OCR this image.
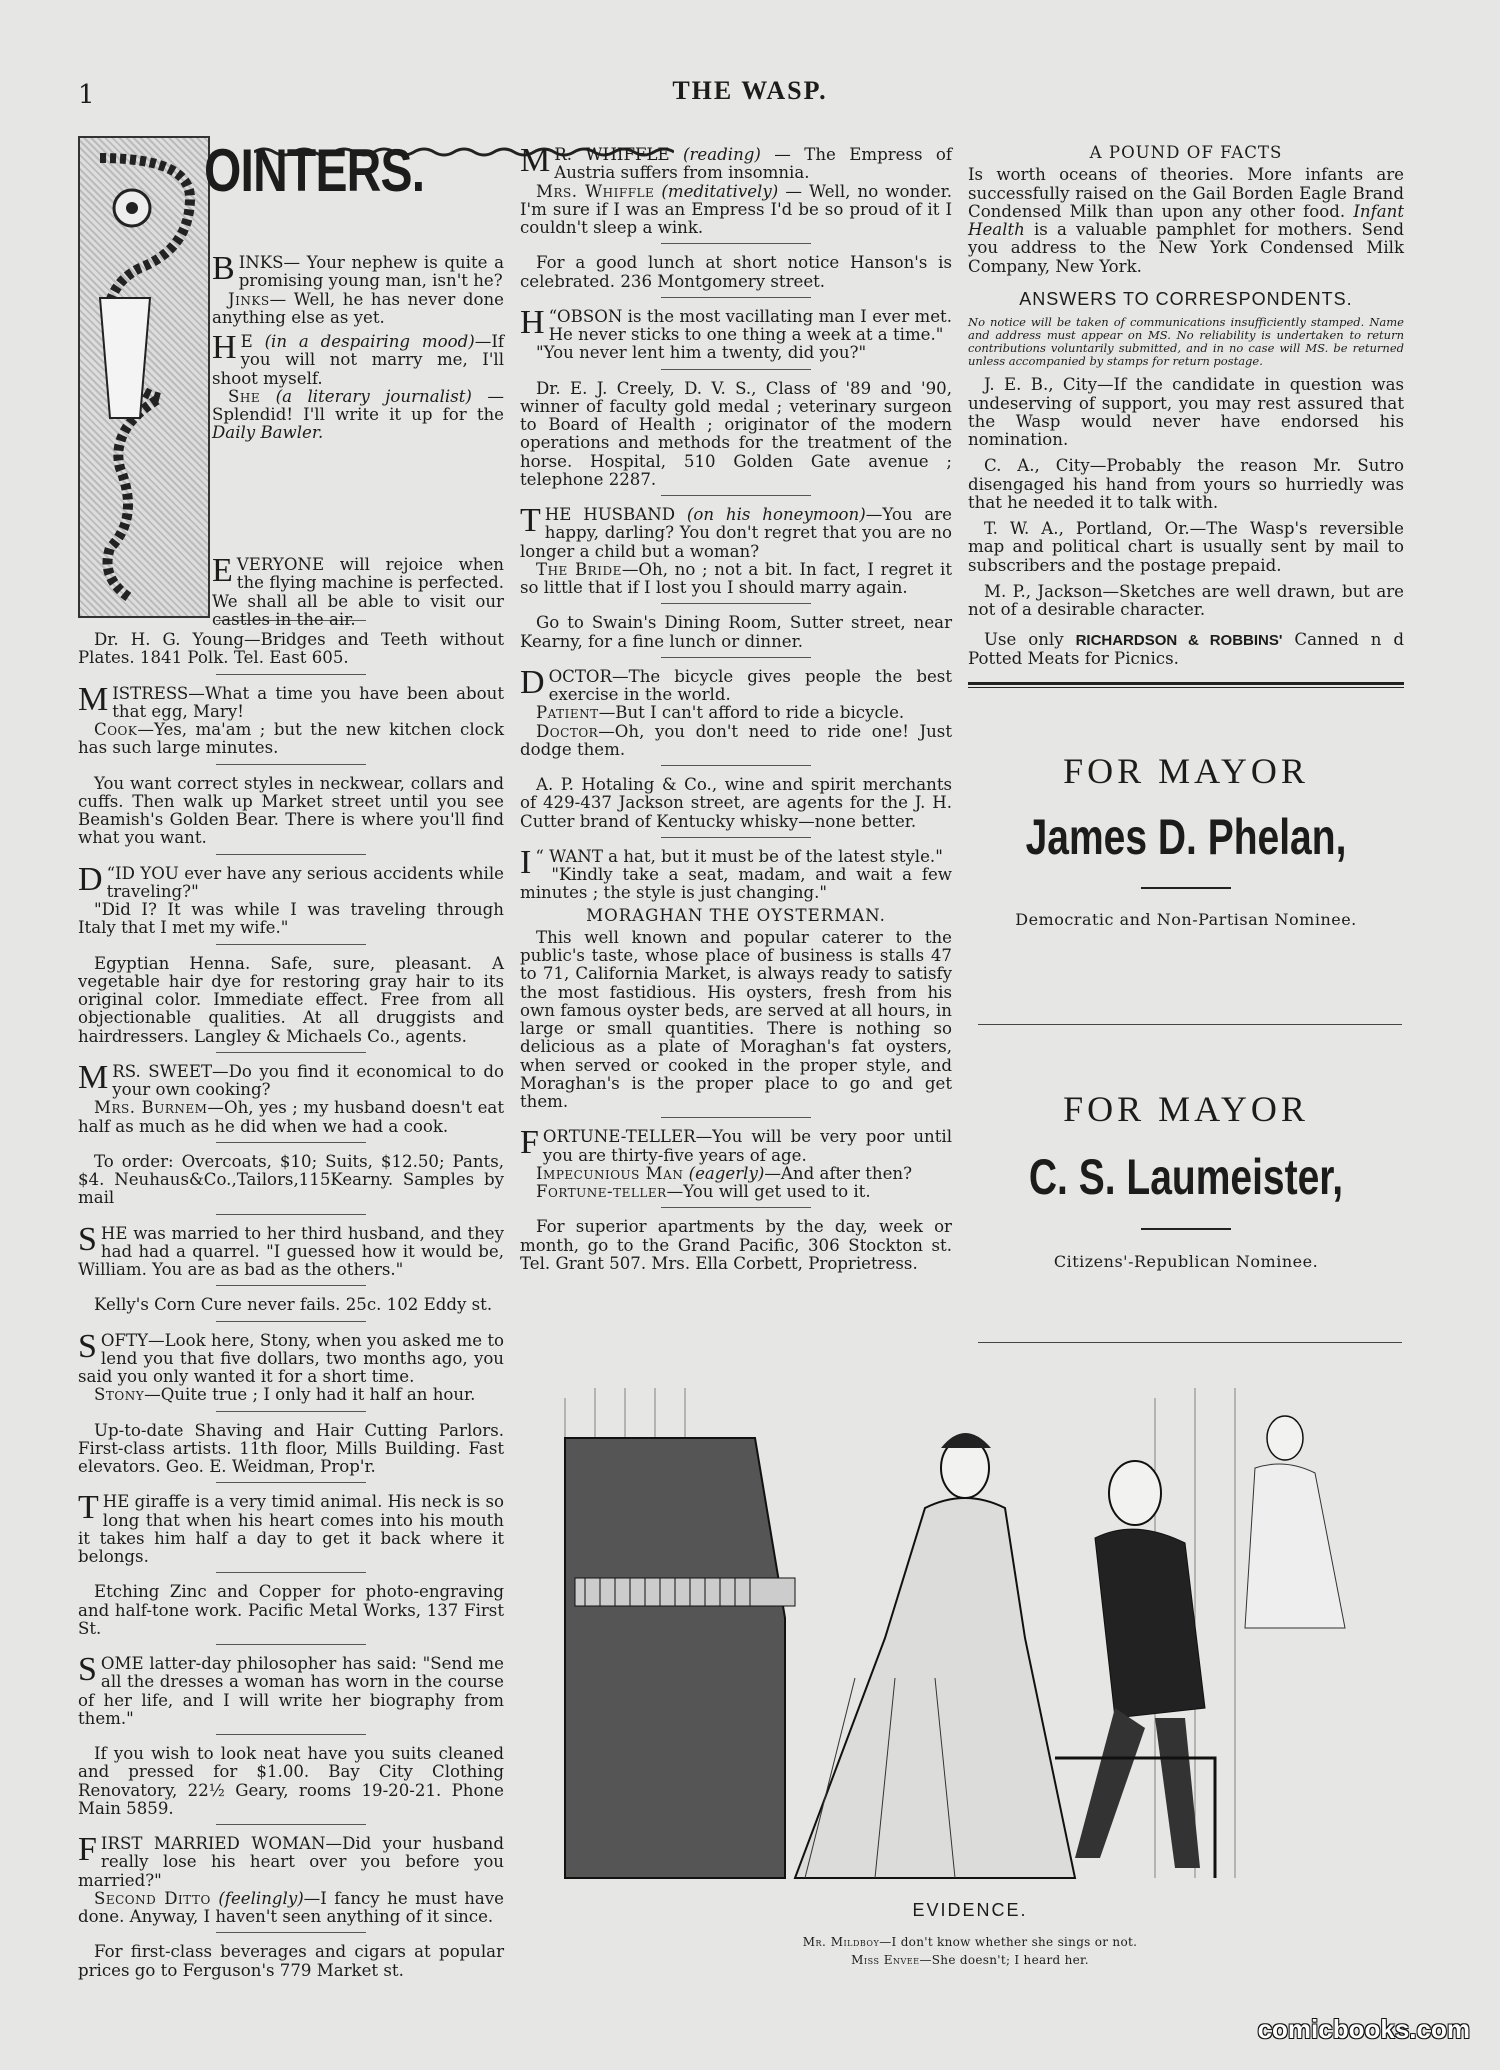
1	THE WASP.
OINTERS.

BINKS— Your nephew is quite a promising young man, isn't he?

Jinks— Well, he has never done anything else as yet.

H E (in a despairing mood)—If you will not marry me, I'll shoot myself.

She (a literary journalist) — Splendid! I'll write it up for the Daily Bawler.

EVERYONE will rejoice when the flying machine is perfected. We shall all be able to visit our castles in the air.

Dr. H. G. Young—Bridges and Teeth without Plates. 1841 Polk. Tel. East 605.

MISTRESS—What a time you have been about that egg, Mary!

Cook—Yes, ma'am ; but the new kitchen clock has such large minutes.

You want correct styles in neckwear, collars and cuffs. Then walk up Market street until you see Beamish's Golden Bear. There is where you'll find what you want.

“
D ID YOU ever have any serious accidents while traveling?"

"Did I? It was while I was traveling through Italy that I met my wife."

Egyptian Henna. Safe, sure, pleasant. A vegetable hair dye for restoring gray hair to its original color. Immediate effect. Free from all objectionable qualities. At all druggists and hairdressers. Langley & Michaels Co., agents.

MRS. SWEET—Do you find it economical to do your own cooking?

Mrs. Burnem—Oh, yes ; my husband doesn't eat half as much as he did when we had a cook.

To order: Overcoats, $10; Suits, $12.50; Pants, $4. Neuhaus&Co.,Tailors,115Kearny. Samples by mail

SHE was married to her third husband, and they had had a quarrel. "I guessed how it would be, William. You are as bad as the others."

Kelly's Corn Cure never fails. 25c. 102 Eddy st.

SOFTY—Look here, Stony, when you asked me to lend you that five dollars, two months ago, you said you only wanted it for a short time.

Stony—Quite true ; I only had it half an hour.

Up-to-date Shaving and Hair Cutting Parlors. First-class artists. 11th floor, Mills Building. Fast elevators. Geo. E. Weidman, Prop'r.

THE giraffe is a very timid animal. His neck is so long that when his heart comes into his mouth it takes him half a day to get it back where it belongs.

Etching Zinc and Copper for photo-engraving and half-tone work. Pacific Metal Works, 137 First St.

SOME latter-day philosopher has said: "Send me all the dresses a woman has worn in the course of her life, and I will write her biography from them."

If you wish to look neat have you suits cleaned and pressed for $1.00. Bay City Clothing Renovatory, 22½ Geary, rooms 19-20-21. Phone Main 5859.

FIRST MARRIED WOMAN—Did your husband really lose his heart over you before you married?"

Second Ditto (feelingly)—I fancy he must have done. Anyway, I haven't seen anything of it since.

For first-class beverages and cigars at popular prices go to Ferguson's 779 Market st.

M R. WHIFFLE (reading) — The Empress of Austria suffers from insomnia.

Mrs. Whiffle (meditatively) — Well, no wonder. I'm sure if I was an Empress I'd be so proud of it I couldn't sleep a wink.

For a good lunch at short notice Hanson's is celebrated. 236 Montgomery street.

“
H OBSON is the most vacillating man I ever met. He never sticks to one thing a week at a time."

"You never lent him a twenty, did you?"

Dr. E. J. Creely, D. V. S., Class of '89 and '90, winner of faculty gold medal ; veterinary surgeon to Board of Health ; originator of the modern operations and methods for the treatment of the horse. Hospital, 510 Golden Gate avenue ; telephone 2287.

THE HUSBAND (on his honeymoon)—You are happy, darling? You don't regret that you are no longer a child but a woman?

The Bride—Oh, no ; not a bit. In fact, I regret it so little that if I lost you I should marry again.

Go to Swain's Dining Room, Sutter street, near Kearny, for a fine lunch or dinner.

DOCTOR—The bicycle gives people the best exercise in the world.

Patient—But I can't afford to ride a bicycle.

Doctor—Oh, you don't need to ride one! Just dodge them.

A. P. Hotaling & Co., wine and spirit merchants of 429-437 Jackson street, are agents for the J. H. Cutter brand of Kentucky whisky—none better.

“
I WANT a hat, but it must be of the latest style."

"Kindly take a seat, madam, and wait a few minutes ; the style is just changing."

MORAGHAN THE OYSTERMAN.

This well known and popular caterer to the public's taste, whose place of business is stalls 47 to 71, California Market, is always ready to satisfy the most fastidious. His oysters, fresh from his own famous oyster beds, are served at all hours, in large or small quantities. There is nothing so delicious as a plate of Moraghan's fat oysters, when served or cooked in the proper style, and Moraghan's is the proper place to go and get them.

FORTUNE-TELLER—You will be very poor until you are thirty-five years of age.

Impecunious Man (eagerly)—And after then?

Fortune-teller—You will get used to it.

For superior apartments by the day, week or month, go to the Grand Pacific, 306 Stockton st. Tel. Grant 507. Mrs. Ella Corbett, Proprietress.

A POUND OF FACTS

Is worth oceans of theories. More infants are successfully raised on the Gail Borden Eagle Brand Condensed Milk than upon any other food. Infant Health is a valuable pamphlet for mothers. Send you address to the New York Condensed Milk Company, New York.

ANSWERS TO CORRESPONDENTS.
No notice will be taken of communications insufficiently stamped. Name and address must appear on MS. No reliability is undertaken to return contributions voluntarily submitted, and in no case will MS. be returned unless accompanied by stamps for return postage.

J. E. B., City—If the candidate in question was undeserving of support, you may rest assured that the Wasp would never have endorsed his nomination.

C. A., City—Probably the reason Mr. Sutro disengaged his hand from yours so hurriedly was that he needed it to talk with.

T. W. A., Portland, Or.—The Wasp's reversible map and political chart is usually sent by mail to subscribers and the postage prepaid.

M. P., Jackson—Sketches are well drawn, but are not of a desirable character.

Use only RICHARDSON & ROBBINS' Canned n d Potted Meats for Picnics.

FOR MAYOR
James D. Phelan,
Democratic and Non-Partisan Nominee.
FOR MAYOR
C. S. Laumeister,
Citizens'-Republican Nominee.
EVIDENCE.
Mr. Mildboy—I don't know whether she sings or not.
Miss Envee—She doesn't; I heard her.
comicbooks.com
